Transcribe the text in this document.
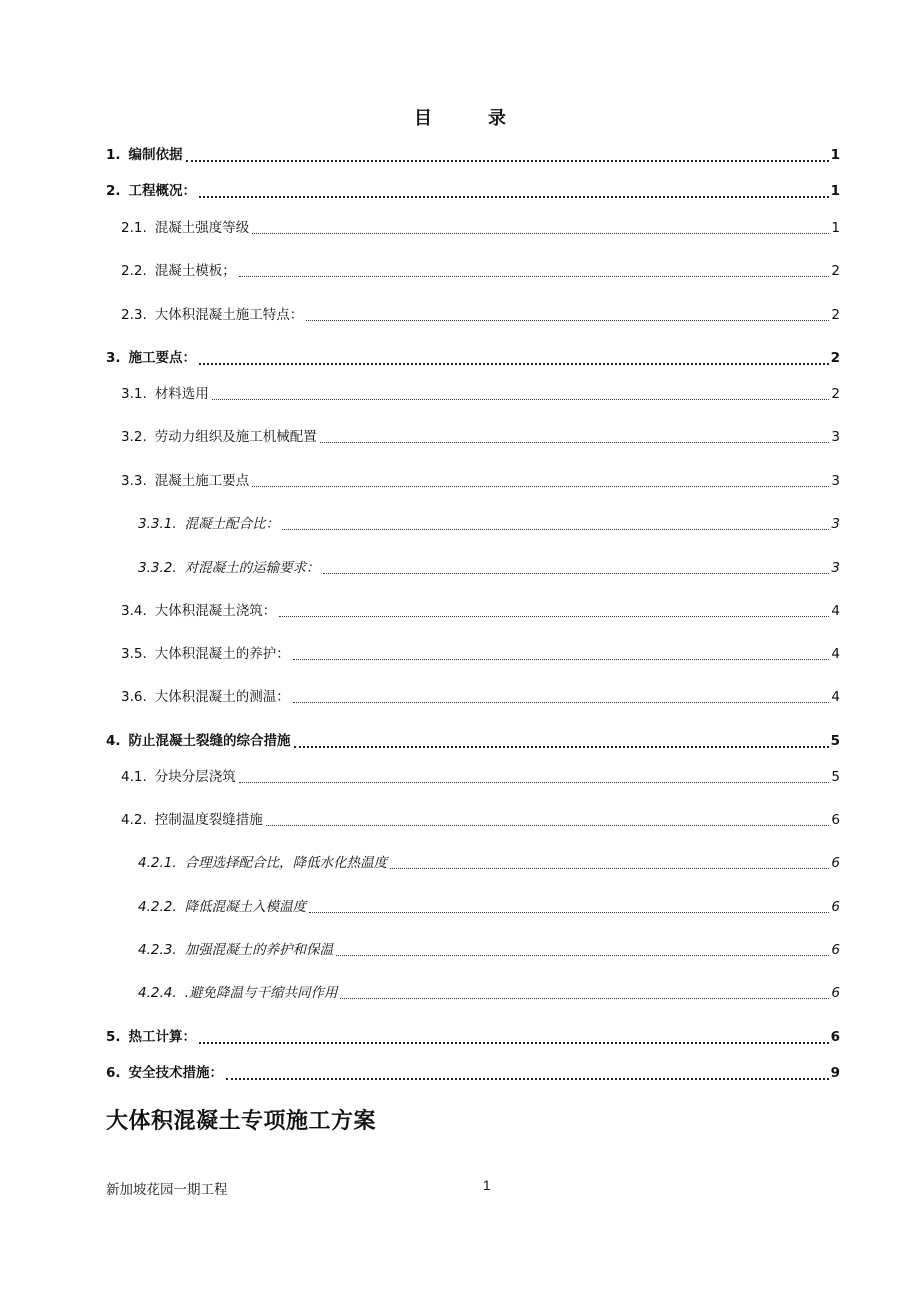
目	录
1. 编制依据	1
2. 工程概况：	1
2.1. 混凝土强度等级	1
2.2. 混凝土模板；	2
2.3. 大体积混凝土施工特点：	2
3. 施工要点：	2
3.1. 材料选用	2
3.2. 劳动力组织及施工机械配置	3
3.3. 混凝土施工要点	3
3.3.1. 混凝土配合比：	3
3.3.2. 对混凝土的运输要求：	3
3.4. 大体积混凝土浇筑：	4
3.5. 大体积混凝土的养护：	4
3.6. 大体积混凝土的测温：	4
4. 防止混凝土裂缝的综合措施	5
4.1. 分块分层浇筑	5
4.2. 控制温度裂缝措施	6
4.2.1. 合理选择配合比，降低水化热温度	6
4.2.2. 降低混凝土入模温度	6
4.2.3. 加强混凝土的养护和保温	6
4.2.4. .避免降温与干缩共同作用	6
5. 热工计算：	6
6. 安全技术措施：	9
大体积混凝土专项施工方案
新加坡花园一期工程	1
